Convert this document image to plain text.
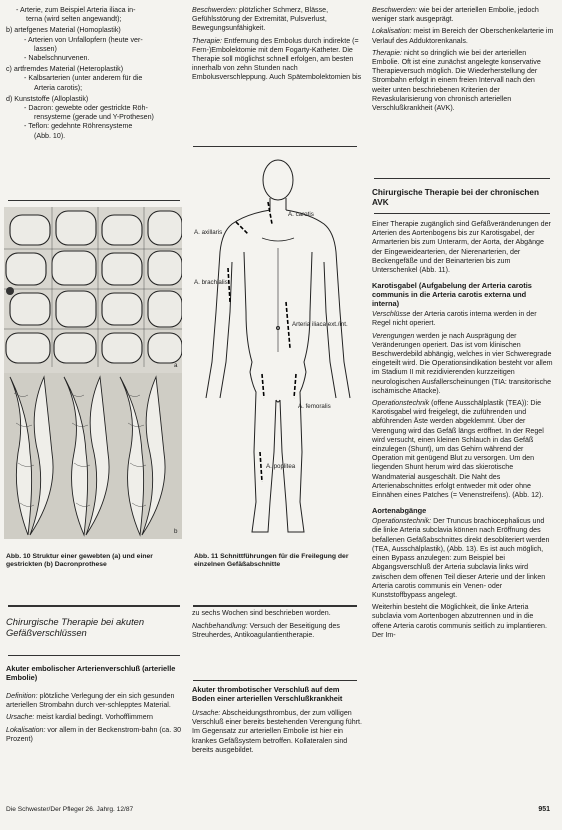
- Arterie, zum Beispiel Arteria iliaca in-
terna (wird selten angewandt);
b) artefgenes Material (Homoplastik)
- Arterien von Unfallopfern (heute ver-
lassen)
- Nabelschnurvenen.
c) artfremdes Material (Heteroplastik)
- Kalbsarterien (unter anderem für die
Arteria carotis);
d) Kunststoffe (Alloplastik)
- Dacron: gewebte oder gestrickte Röh-
rensysteme (gerade und Y-Prothesen)
- Teflon: gedehnte Röhrensysteme
(Abb. 10).
a
b
Abb. 10 Struktur einer gewebten (a) und einer gestrickten (b) Dacronprothese
Chirurgische Therapie bei akuten Gefäßverschlüssen
Akuter embolischer Arterienverschluß (arterielle Embolie)

Definition: plötzliche Verlegung der ein sich gesunden arteriellen Strombahn durch ver-schlepptes Material.

Ursache: meist kardial bedingt. Vorhofflimmern

Lokalisation: vor allem in der Beckenstrom-bahn (ca. 30 Prozent)

Beschwerden: plötzlicher Schmerz, Blässe, Gefühlsstörung der Extremität, Pulsverlust, Bewegungsunfähigkeit.

Therapie: Entfernung des Embolus durch indirekte (= Fern-)Embolektomie mit dem Fogarty-Katheter. Die Therapie soll möglichst schnell erfolgen, am besten innerhalb von zehn Stunden nach Embolusverschleppung. Auch Spätembolektomien bis

A. carotis
A. axillaris
A. brachialis
Arteria iliaca ext./int.
A. femoralis
A. poplitea
Abb. 11 Schnittführungen für die Freilegung der einzelnen Gefäßabschnitte

zu sechs Wochen sind beschrieben worden.

Nachbehandlung: Versuch der Beseitigung des Streuherdes, Antikoagulantientherapie.

Akuter thrombotischer Verschluß auf dem Boden einer arteriellen Verschlußkrankheit

Ursache: Abscheidungsthrombus, der zum völligen Verschluß einer bereits bestehenden Verengung führt. Im Gegensatz zur arteriellen Embolie ist hier ein krankes Gefäßsystem betroffen. Kollateralen sind bereits ausgebildet.

Beschwerden: wie bei der arteriellen Embolie, jedoch weniger stark ausgeprägt.

Lokalisation: meist im Bereich der Oberschenkelarterie im Verlauf des Adduktorenkanals.

Therapie: nicht so dringlich wie bei der arteriellen Embolie. Oft ist eine zunächst angelegte konservative Therapieversuch möglich. Die Wiederherstellung der Strombahn erfolgt in einem freien Intervall nach den weiter unten beschriebenen Kriterien der Revaskularisierung von chronisch arteriellen Verschlußkrankheit (AVK).

Chirurgische Therapie bei der chronischen AVK

Einer Therapie zugänglich sind Gefäßveränderungen der Arterien des Aortenbogens bis zur Karotisgabel, der Armarterien bis zum Unterarm, der Aorta, der Abgänge der Eingeweidearterien, der Nierenarterien, der Beckengefäße und der Beinarterien bis zum Unterschenkel (Abb. 11).

Karotisgabel (Aufgabelung der Arteria carotis communis in die Arteria carotis externa und interna)

Verschlüsse der Arteria carotis interna werden in der Regel nicht operiert.

Verengungen werden je nach Ausprägung der Veränderungen operiert. Das ist vom klinischen Beschwerdebild abhängig, welches in vier Schweregrade eingeteilt wird. Die Operationsindikation besteht vor allem im Stadium II mit rezidivierenden kurzzeitigen neurologischen Ausfallerscheinungen (TIA: transitorische ischämische Attacke).

Operationstechnik (offene Ausschälplastik (TEA)): Die Karotisgabel wird freigelegt, die zuführenden und abführenden Äste werden abgeklemmt. Über der Verengung wird das Gefäß längs eröffnet. In der Regel wird versucht, einen kleinen Schlauch in das Gefäß einzulegen (Shunt), um das Gehirn während der Operation mit genügend Blut zu versorgen. Um den liegenden Shunt herum wird das skierotische Wandmaterial ausgeschält. Die Naht des Arterienabschnittes erfolgt entweder mit oder ohne Einnähen eines Patches (= Venenstreifens). (Abb. 12).

Aortenabgänge

Operationstechnik: Der Truncus brachiocephalicus und die linke Arteria subclavia können nach Eröffnung des befallenen Gefäßabschnittes direkt desobliteriert werden (TEA, Ausschälplastik), (Abb. 13). Es ist auch möglich, einen Bypass anzulegen: zum Beispiel bei Abgangsverschluß der Arteria subclavia links wird zwischen dem offenen Teil dieser Arterie und der linken Arteria carotis communis ein Venen- oder Kunststoffbypass angelegt.

Weiterhin besteht die Möglichkeit, die linke Arteria subclavia vom Aortenbogen abzutrennen und in die offene Arteria carotis communis seitlich zu implantieren. Der Im-

Die Schwester/Der Pfleger 26. Jahrg. 12/87	951
